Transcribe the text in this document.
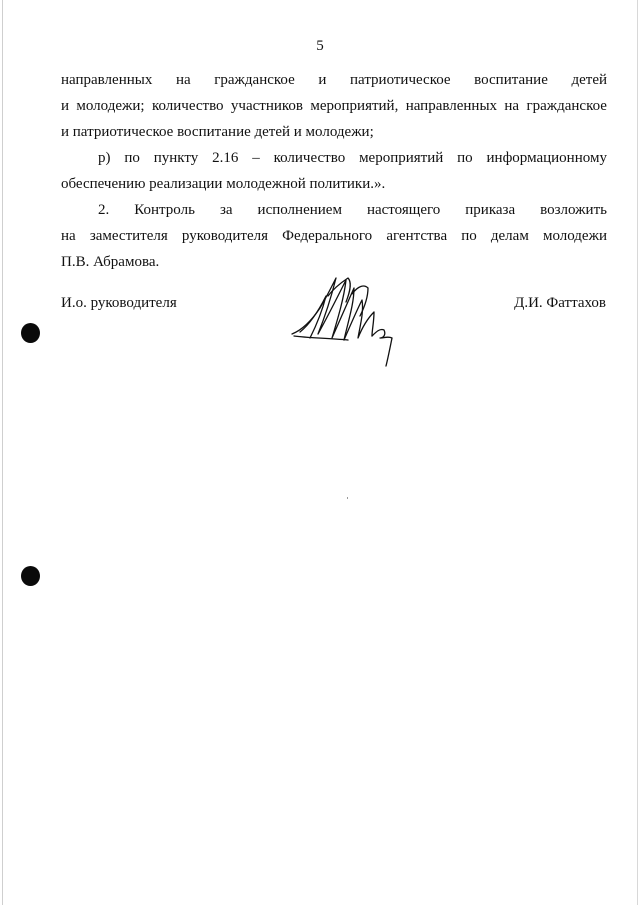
5
направленных на гражданское и патриотическое воспитание детей
и молодежи; количество участников мероприятий, направленных на гражданское
и патриотическое воспитание детей и молодежи;
р) по пункту 2.16 – количество мероприятий по информационному
обеспечению реализации молодежной политики.».
2. Контроль за исполнением настоящего приказа возложить
на заместителя руководителя Федерального агентства по делам молодежи
П.В. Абрамова.
И.о. руководителя	Д.И. Фаттахов
